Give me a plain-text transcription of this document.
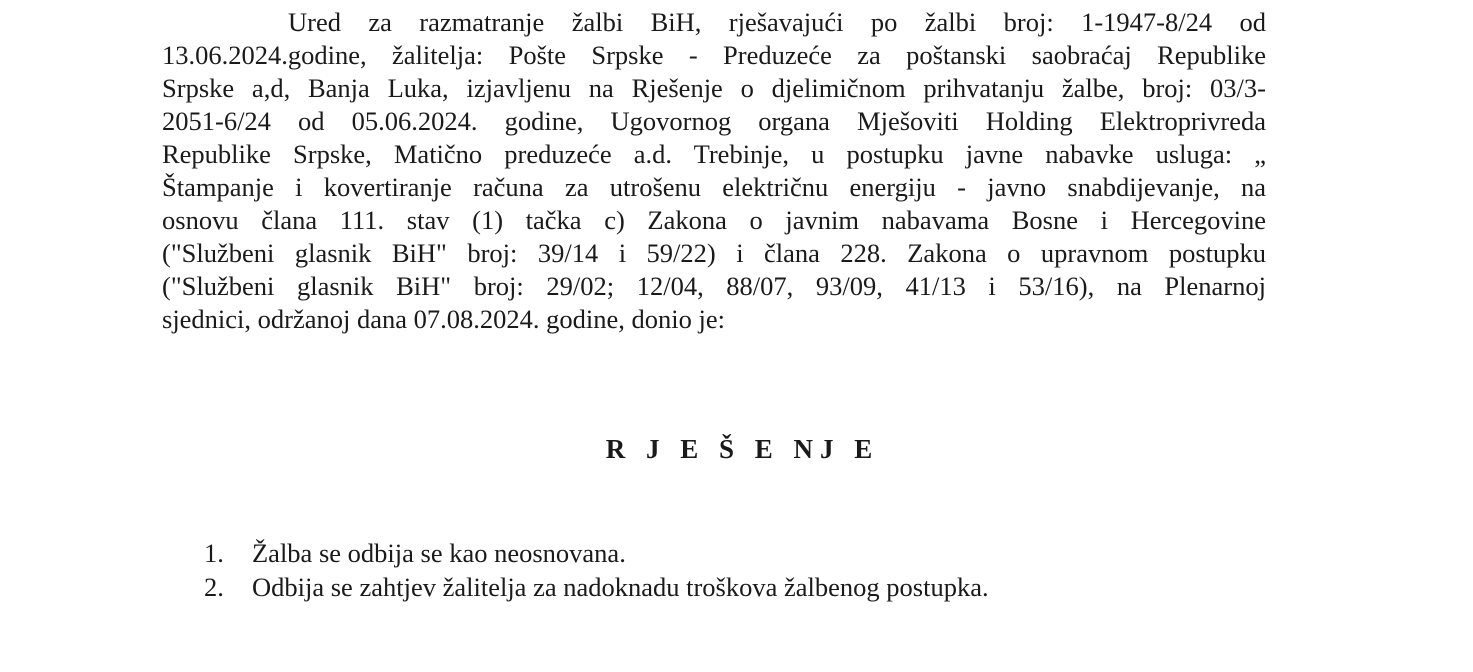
Ured za razmatranje žalbi BiH, rješavajući po žalbi broj: 1-1947-8/24 od
13.06.2024.godine, žalitelja: Pošte Srpske - Preduzeće za poštanski saobraćaj Republike
Srpske a,d, Banja Luka, izjavljenu na Rješenje o djelimičnom prihvatanju žalbe, broj: 03/3-
2051-6/24 od 05.06.2024. godine, Ugovornog organa Mješoviti Holding Elektroprivreda
Republike Srpske, Matično preduzeće a.d. Trebinje, u postupku javne nabavke usluga: „
Štampanje i kovertiranje računa za utrošenu električnu energiju - javno snabdijevanje, na
osnovu člana 111. stav (1) tačka c) Zakona o javnim nabavama Bosne i Hercegovine
("Službeni glasnik BiH" broj: 39/14 i 59/22) i člana 228. Zakona o upravnom postupku
("Službeni glasnik BiH" broj: 29/02; 12/04, 88/07, 93/09, 41/13 i 53/16), na Plenarnoj
sjednici, održanoj dana 07.08.2024. godine, donio je:
R J E Š E NJ E
1. Žalba se odbija se kao neosnovana.
2. Odbija se zahtjev žalitelja za nadoknadu troškova žalbenog postupka.
